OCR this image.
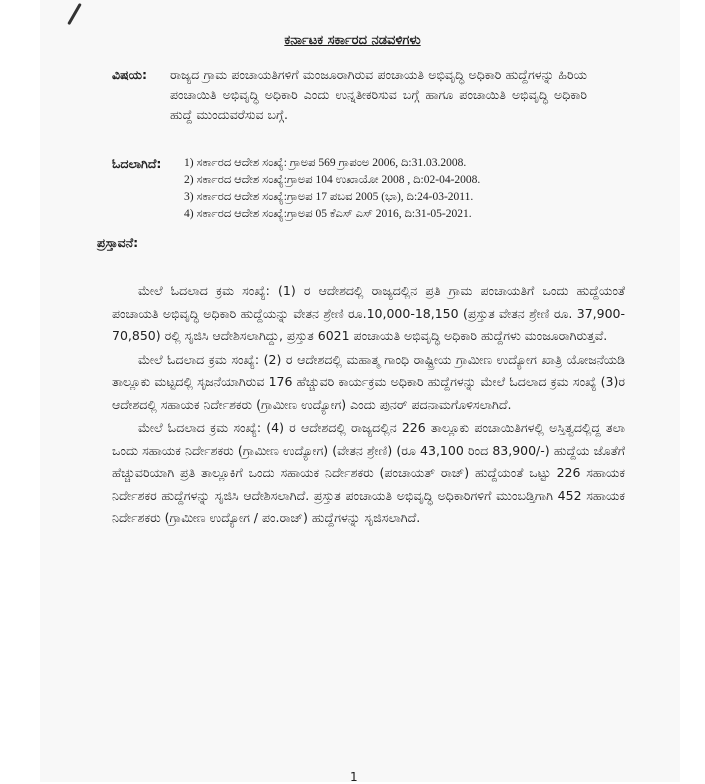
ಕರ್ನಾಟಕ ಸರ್ಕಾರದ ನಡವಳಿಗಳು
ವಿಷಯ: ರಾಜ್ಯದ ಗ್ರಾಮ ಪಂಚಾಯತಿಗಳಿಗೆ ಮಂಜೂರಾಗಿರುವ ಪಂಚಾಯತಿ ಅಭಿವೃದ್ಧಿ ಅಧಿಕಾರಿ ಹುದ್ದೆಗಳನ್ನು ಹಿರಿಯ ಪಂಚಾಯಿತಿ ಅಭಿವೃದ್ಧಿ ಅಧಿಕಾರಿ ಎಂದು ಉನ್ನತೀಕರಿಸುವ ಬಗ್ಗೆ ಹಾಗೂ ಪಂಚಾಯಿತಿ ಅಭಿವೃದ್ಧಿ ಅಧಿಕಾರಿ ಹುದ್ದೆ ಮುಂದುವರೆಸುವ ಬಗ್ಗೆ.
ಓದಲಾಗಿದೆ: 1) ಸರ್ಕಾರದ ಆದೇಶ ಸಂಖ್ಯೆ: ಗ್ರಾಅಪ 569 ಗ್ರಾಪಂಅ 2006, ದಿ:31.03.2008.
2) ಸರ್ಕಾರದ ಆದೇಶ ಸಂಖ್ಯೆ:ಗ್ರಾಅಪ 104 ಉಖಾಯೋ 2008 , ದಿ:02-04-2008.
3) ಸರ್ಕಾರದ ಆದೇಶ ಸಂಖ್ಯೆ:ಗ್ರಾಅಪ 17 ಪಬವ 2005 (ಭಾ), ದಿ:24-03-2011.
4) ಸರ್ಕಾರದ ಆದೇಶ ಸಂಖ್ಯೆ:ಗ್ರಾಅಪ 05 ಕೆಎಸ್ ಎಸ್ 2016, ದಿ:31-05-2021.
ಪ್ರಸ್ತಾವನೆ:

ಮೇಲೆ ಓದಲಾದ ಕ್ರಮ ಸಂಖ್ಯೆ: (1) ರ ಆದೇಶದಲ್ಲಿ ರಾಜ್ಯದಲ್ಲಿನ ಪ್ರತಿ ಗ್ರಾಮ ಪಂಚಾಯತಿಗೆ ಒಂದು ಹುದ್ದೆಯಂತೆ ಪಂಚಾಯತಿ ಅಭಿವೃದ್ಧಿ ಅಧಿಕಾರಿ ಹುದ್ದೆಯನ್ನು ವೇತನ ಶ್ರೇಣಿ ರೂ.10,000-18,150 (ಪ್ರಸ್ತುತ ವೇತನ ಶ್ರೇಣಿ ರೂ. 37,900-70,850) ರಲ್ಲಿ ಸೃಜಿಸಿ ಆದೇಶಿಸಲಾಗಿದ್ದು, ಪ್ರಸ್ತುತ 6021 ಪಂಚಾಯತಿ ಅಭಿವೃದ್ಧಿ ಅಧಿಕಾರಿ ಹುದ್ದೆಗಳು ಮಂಜೂರಾಗಿರುತ್ತವೆ.

ಮೇಲೆ ಓದಲಾದ ಕ್ರಮ ಸಂಖ್ಯೆ: (2) ರ ಆದೇಶದಲ್ಲಿ ಮಹಾತ್ಮ ಗಾಂಧಿ ರಾಷ್ಟ್ರೀಯ ಗ್ರಾಮೀಣ ಉದ್ಯೋಗ ಖಾತ್ರಿ ಯೋಜನೆಯಡಿ ತಾಲ್ಲೂಕು ಮಟ್ಟದಲ್ಲಿ ಸೃಜನೆಯಾಗಿರುವ 176 ಹೆಚ್ಚುವರಿ ಕಾರ್ಯಕ್ರಮ ಅಧಿಕಾರಿ ಹುದ್ದೆಗಳನ್ನು ಮೇಲೆ ಓದಲಾದ ಕ್ರಮ ಸಂಖ್ಯೆ (3)ರ ಆದೇಶದಲ್ಲಿ ಸಹಾಯಕ ನಿರ್ದೇಶಕರು (ಗ್ರಾಮೀಣ ಉದ್ಯೋಗ) ಎಂದು ಪುನರ್ ಪದನಾಮಗೊಳಿಸಲಾಗಿದೆ.

ಮೇಲೆ ಓದಲಾದ ಕ್ರಮ ಸಂಖ್ಯೆ: (4) ರ ಆದೇಶದಲ್ಲಿ ರಾಜ್ಯದಲ್ಲಿನ 226 ತಾಲ್ಲೂಕು ಪಂಚಾಯಿತಿಗಳಲ್ಲಿ ಅಸ್ತಿತ್ವದಲ್ಲಿದ್ದ ತಲಾ ಒಂದು ಸಹಾಯಕ ನಿರ್ದೇಶಕರು (ಗ್ರಾಮೀಣ ಉದ್ಯೋಗ) (ವೇತನ ಶ್ರೇಣಿ) (ರೂ 43,100 ರಿಂದ 83,900/-) ಹುದ್ದೆಯ ಜೊತೆಗೆ ಹೆಚ್ಚುವರಿಯಾಗಿ ಪ್ರತಿ ತಾಲ್ಲೂಕಿಗೆ ಒಂದು ಸಹಾಯಕ ನಿರ್ದೇಶಕರು (ಪಂಚಾಯತ್ ರಾಜ್) ಹುದ್ದೆಯಂತೆ ಒಟ್ಟು 226 ಸಹಾಯಕ ನಿರ್ದೇಶಕರ ಹುದ್ದೆಗಳನ್ನು ಸೃಜಿಸಿ ಆದೇಶಿಸಲಾಗಿದೆ. ಪ್ರಸ್ತುತ ಪಂಚಾಯತಿ ಅಭಿವೃದ್ಧಿ ಅಧಿಕಾರಿಗಳಿಗೆ ಮುಂಬಡ್ತಿಗಾಗಿ 452 ಸಹಾಯಕ ನಿರ್ದೇಶಕರು (ಗ್ರಾಮೀಣ ಉದ್ಯೋಗ / ಪಂ.ರಾಜ್) ಹುದ್ದೆಗಳನ್ನು ಸೃಜಿಸಲಾಗಿದೆ.

1
